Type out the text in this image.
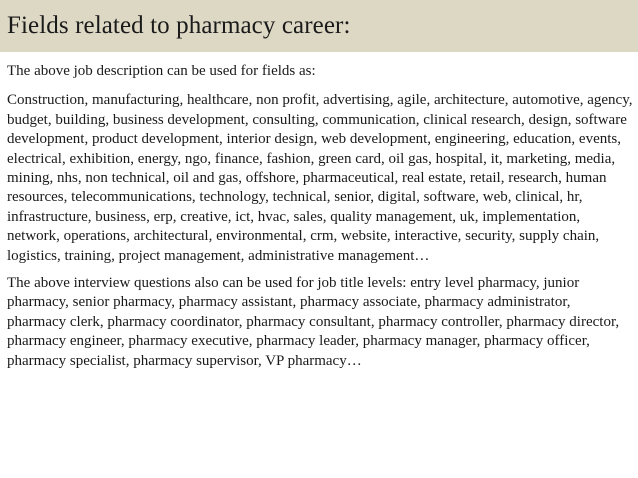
Fields related to pharmacy career:

The above job description can be used for fields as:

Construction, manufacturing, healthcare, non profit, advertising, agile, architecture, automotive, agency, budget, building, business development, consulting, communication, clinical research, design, software development, product development, interior design, web development, engineering, education, events, electrical, exhibition, energy, ngo, finance, fashion, green card, oil gas, hospital, it, marketing, media, mining, nhs, non technical, oil and gas, offshore, pharmaceutical, real estate, retail, research, human resources, telecommunications, technology, technical, senior, digital, software, web, clinical, hr, infrastructure, business, erp, creative, ict, hvac, sales, quality management, uk, implementation, network, operations, architectural, environmental, crm, website, interactive, security, supply chain, logistics, training, project management, administrative management…

The above interview questions also can be used for job title levels: entry level pharmacy, junior pharmacy, senior pharmacy, pharmacy assistant, pharmacy associate, pharmacy administrator, pharmacy clerk, pharmacy coordinator, pharmacy consultant, pharmacy controller, pharmacy director, pharmacy engineer, pharmacy executive, pharmacy leader, pharmacy manager, pharmacy officer, pharmacy specialist, pharmacy supervisor, VP pharmacy…
